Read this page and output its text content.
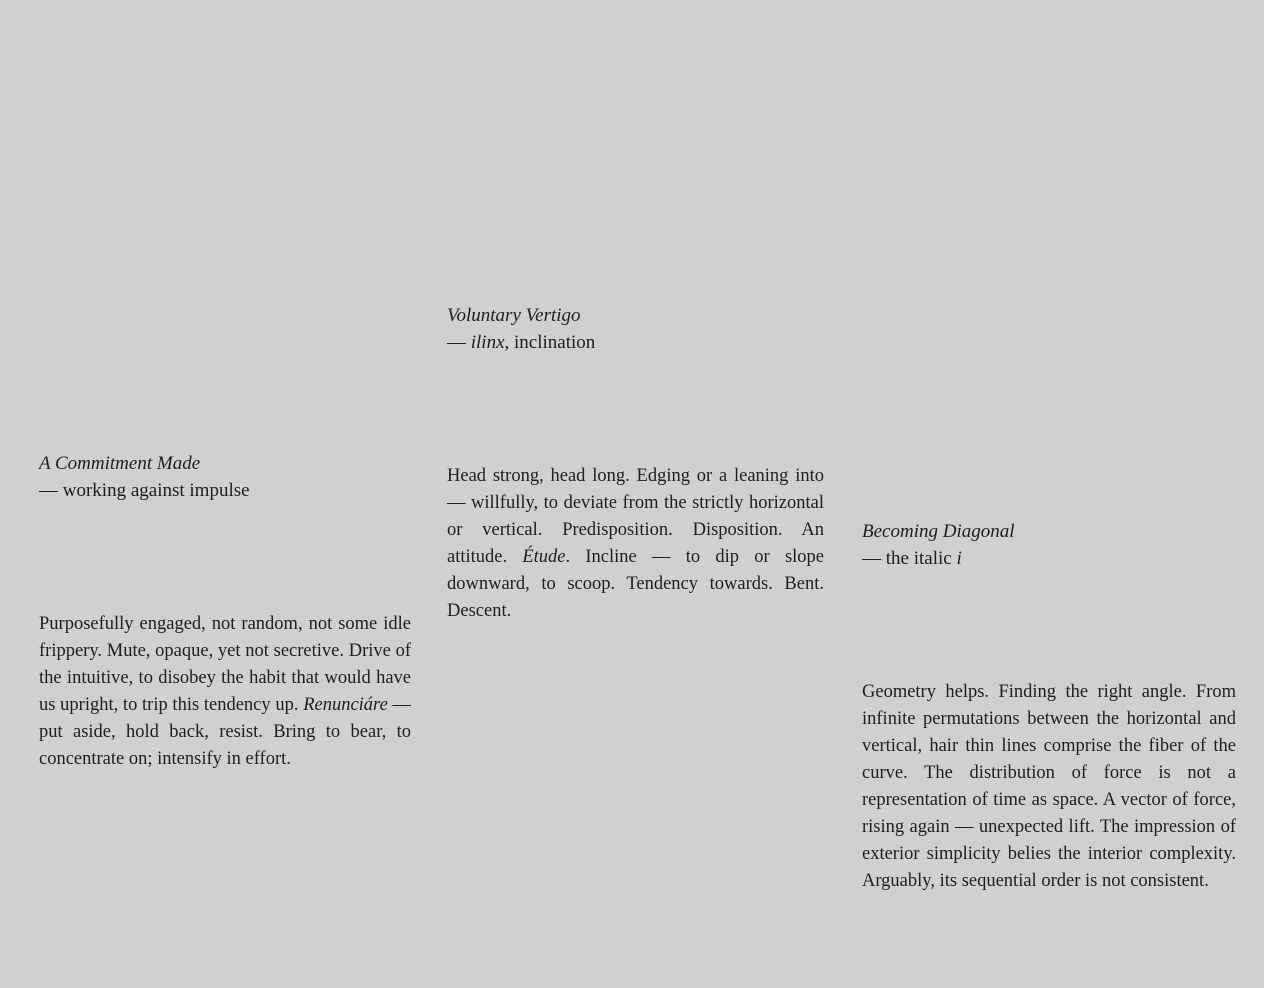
A Commitment Made
— working against impulse

Purposefully engaged, not random, not some idle frippery. Mute, opaque, yet not secretive. Drive of the intuitive, to disobey the habit that would have us upright, to trip this tendency up. Renunciáre — put aside, hold back, resist. Bring to bear, to concentrate on; intensify in effort.

Voluntary Vertigo
— ilinx, inclination

Head strong, head long. Edging or a leaning into — willfully, to deviate from the strictly horizontal or vertical. Predisposition. Disposition. An attitude. Étude. Incline — to dip or slope downward, to scoop. Tendency towards. Bent. Descent.

Becoming Diagonal
— the italic i

Geometry helps. Finding the right angle. From infinite permutations between the horizontal and vertical, hair thin lines comprise the fiber of the curve. The distribution of force is not a representation of time as space. A vector of force, rising again — unexpected lift. The impression of exterior simplicity belies the interior complexity. Arguably, its sequential order is not consistent.
